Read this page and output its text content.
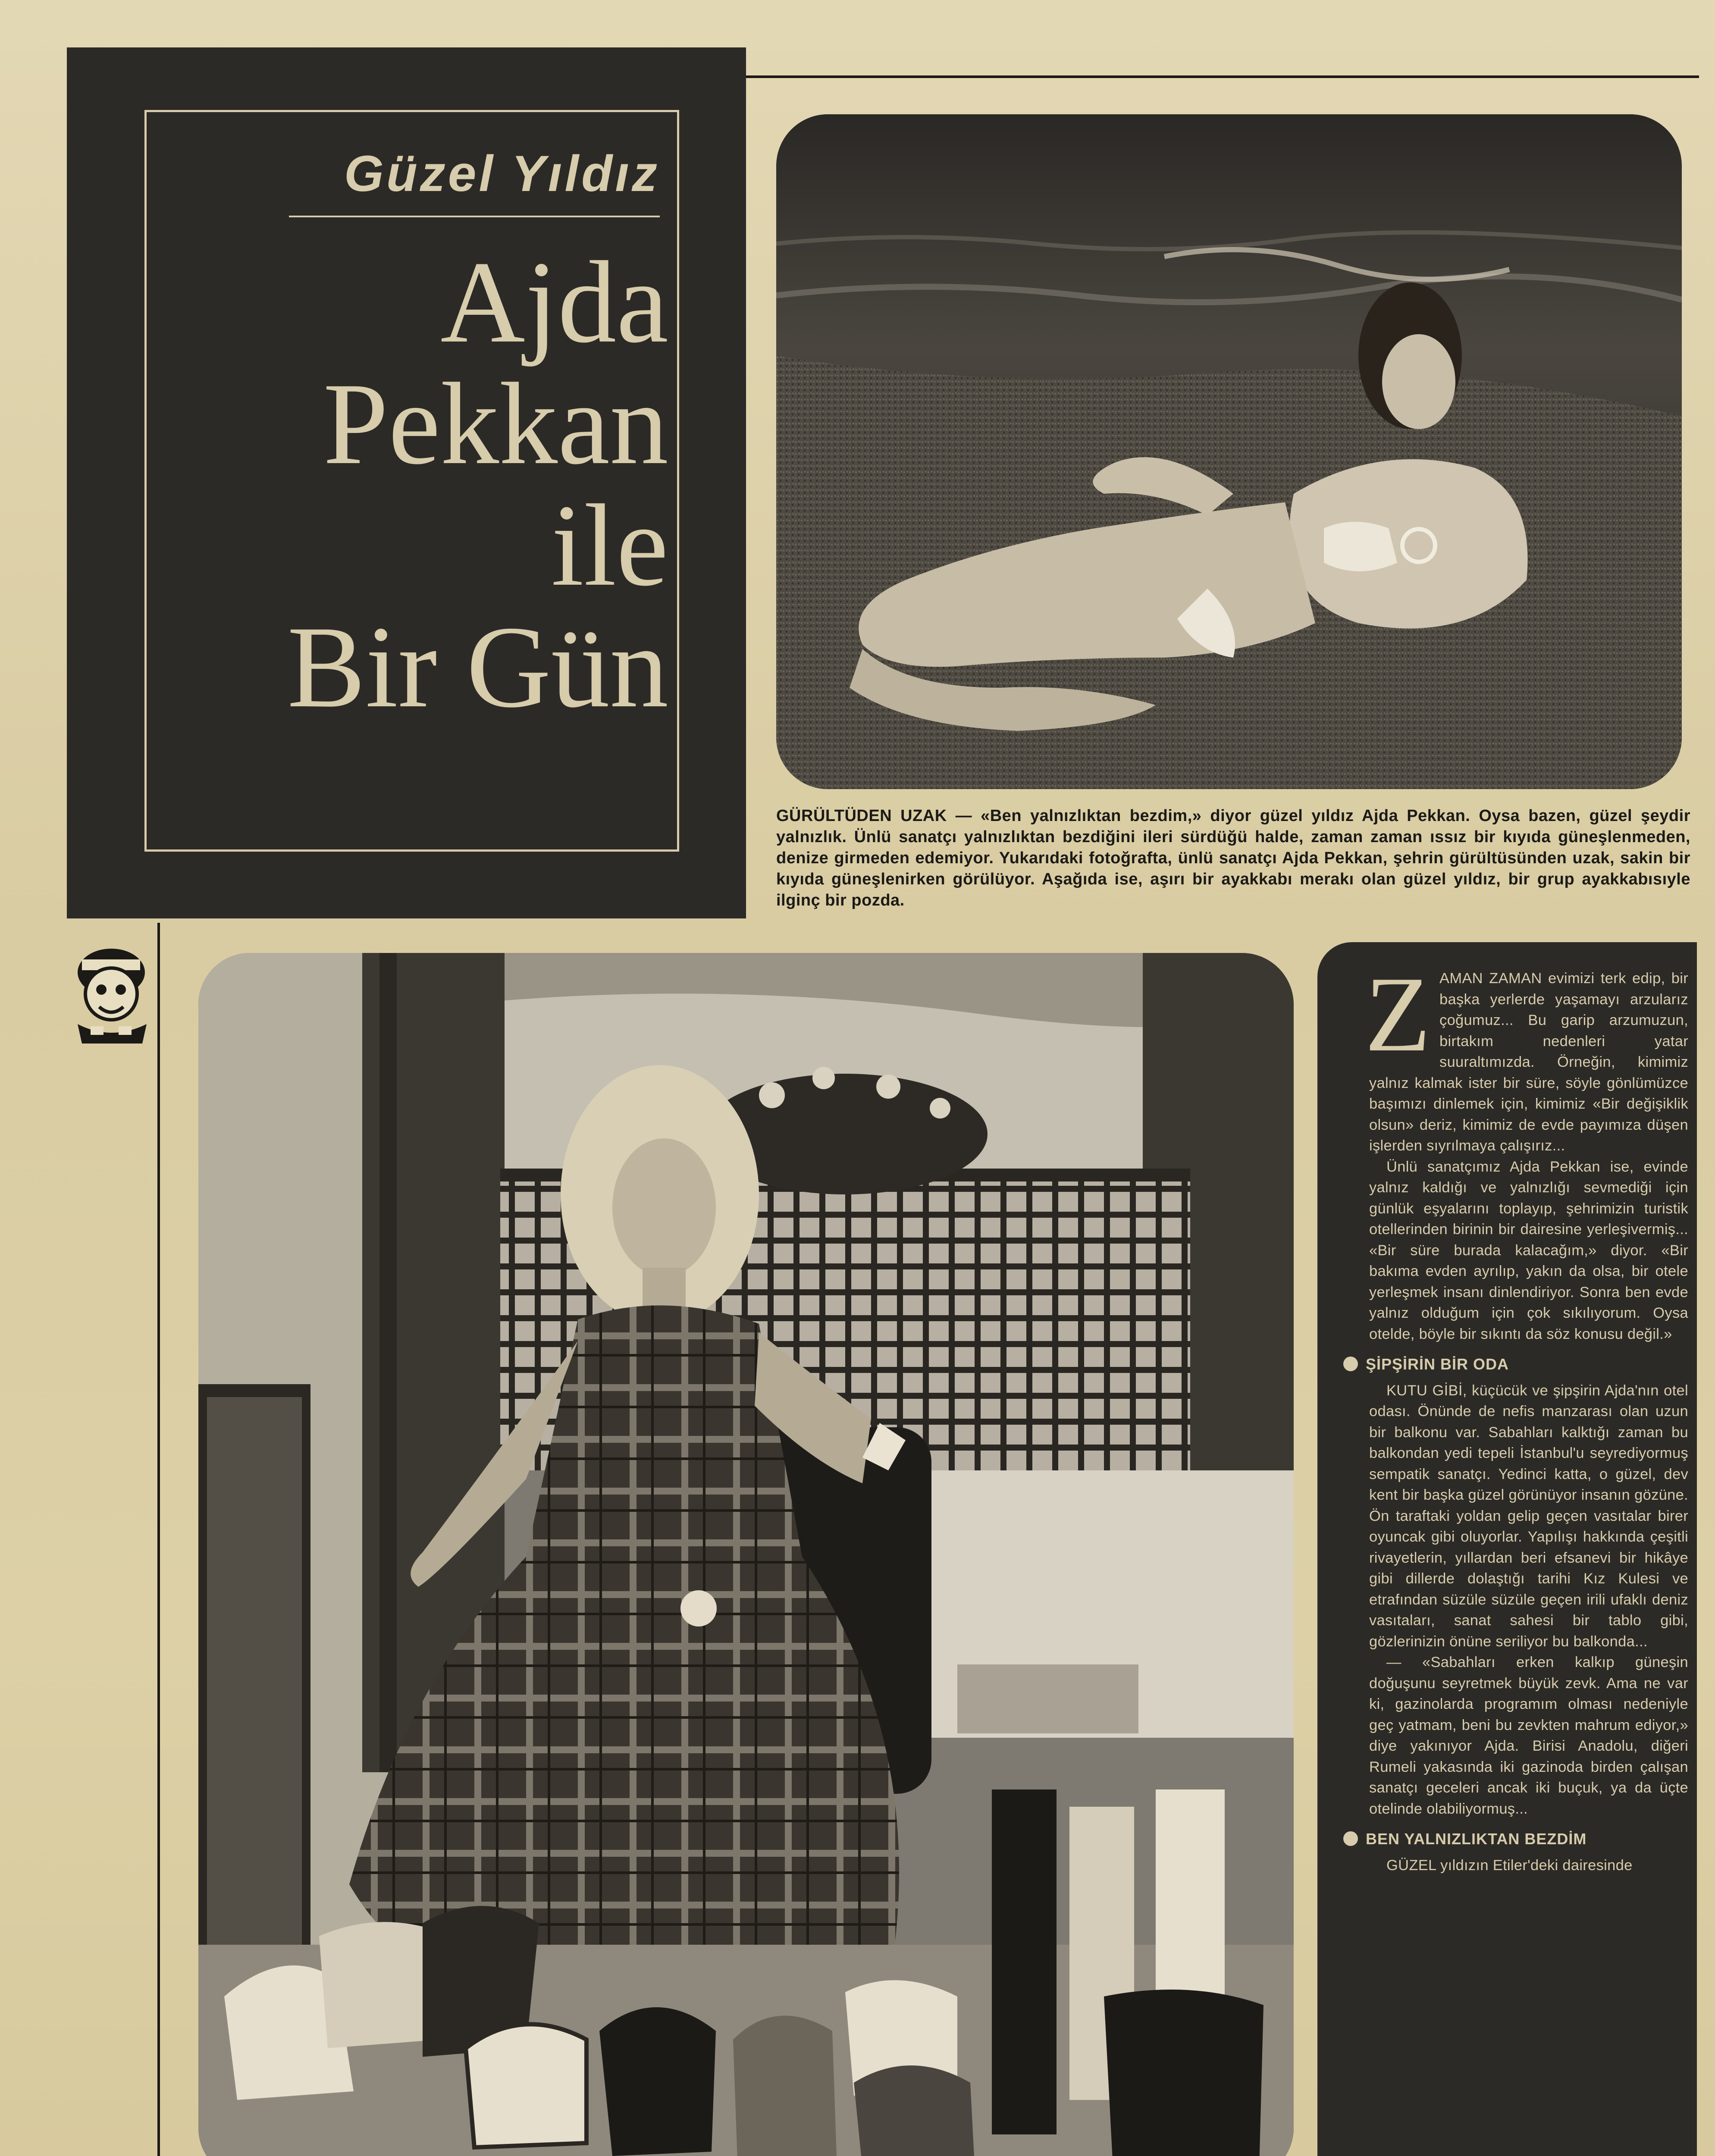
Güzel Yıldız
Ajda
Pekkan
ile
Bir Gün
GÜRÜLTÜDEN UZAK — «Ben yalnızlıktan bezdim,» diyor güzel yıldız Ajda Pekkan. Oysa bazen, güzel şeydir yalnızlık. Ünlü sanatçı yalnızlıktan bezdiğini ileri sürdüğü halde, zaman zaman ıssız bir kıyıda güneşlenmeden, denize girmeden edemiyor. Yukarıdaki fotoğrafta, ünlü sanatçı Ajda Pekkan, şehrin gürültüsünden uzak, sakin bir kıyıda güneşlenirken görülüyor. Aşağıda ise, aşırı bir ayakkabı merakı olan güzel yıldız, bir grup ayakkabısıyle ilginç bir pozda.
Z AMAN ZAMAN evimizi terk edip, bir başka yerlerde yaşamayı arzularız çoğumuz... Bu garip arzumuzun, birtakım nedenleri yatar suuraltımızda. Örneğin, kimimiz yalnız kalmak ister bir süre, söyle gönlümüzce başımızı dinlemek için, kimimiz «Bir değişiklik olsun» deriz, kimimiz de evde payımıza düşen işlerden sıyrılmaya çalışırız...

Ünlü sanatçımız Ajda Pekkan ise, evinde yalnız kaldığı ve yalnızlığı sevmediği için günlük eşyalarını toplayıp, şehrimizin turistik otellerinden birinin bir dairesine yerleşivermiş... «Bir süre burada kalacağım,» diyor. «Bir bakıma evden ayrılıp, yakın da olsa, bir otele yerleşmek insanı dinlendiriyor. Sonra ben evde yalnız olduğum için çok sıkılıyorum. Oysa otelde, böyle bir sıkıntı da söz konusu değil.»

ŞİPŞİRİN BİR ODA

KUTU GİBİ, küçücük ve şipşirin Ajda'nın otel odası. Önünde de nefis manzarası olan uzun bir balkonu var. Sabahları kalktığı zaman bu balkondan yedi tepeli İstanbul'u seyrediyormuş sempatik sanatçı. Yedinci katta, o güzel, dev kent bir başka güzel görünüyor insanın gözüne. Ön taraftaki yoldan gelip geçen vasıtalar birer oyuncak gibi oluyorlar. Yapılışı hakkında çeşitli rivayetlerin, yıllardan beri efsanevi bir hikâye gibi dillerde dolaştığı tarihi Kız Kulesi ve etrafından süzüle süzüle geçen irili ufaklı deniz vasıtaları, sanat sahesi bir tablo gibi, gözlerinizin önüne seriliyor bu balkonda...

— «Sabahları erken kalkıp güneşin doğuşunu seyretmek büyük zevk. Ama ne var ki, gazinolarda programım olması nedeniyle geç yatmam, beni bu zevkten mahrum ediyor,» diye yakınıyor Ajda. Birisi Anadolu, diğeri Rumeli yakasında iki gazinoda birden çalışan sanatçı geceleri ancak iki buçuk, ya da üçte otelinde olabiliyormuş...

BEN YALNIZLIKTAN BEZDİM

GÜZEL yıldızın Etiler'deki dairesinde
